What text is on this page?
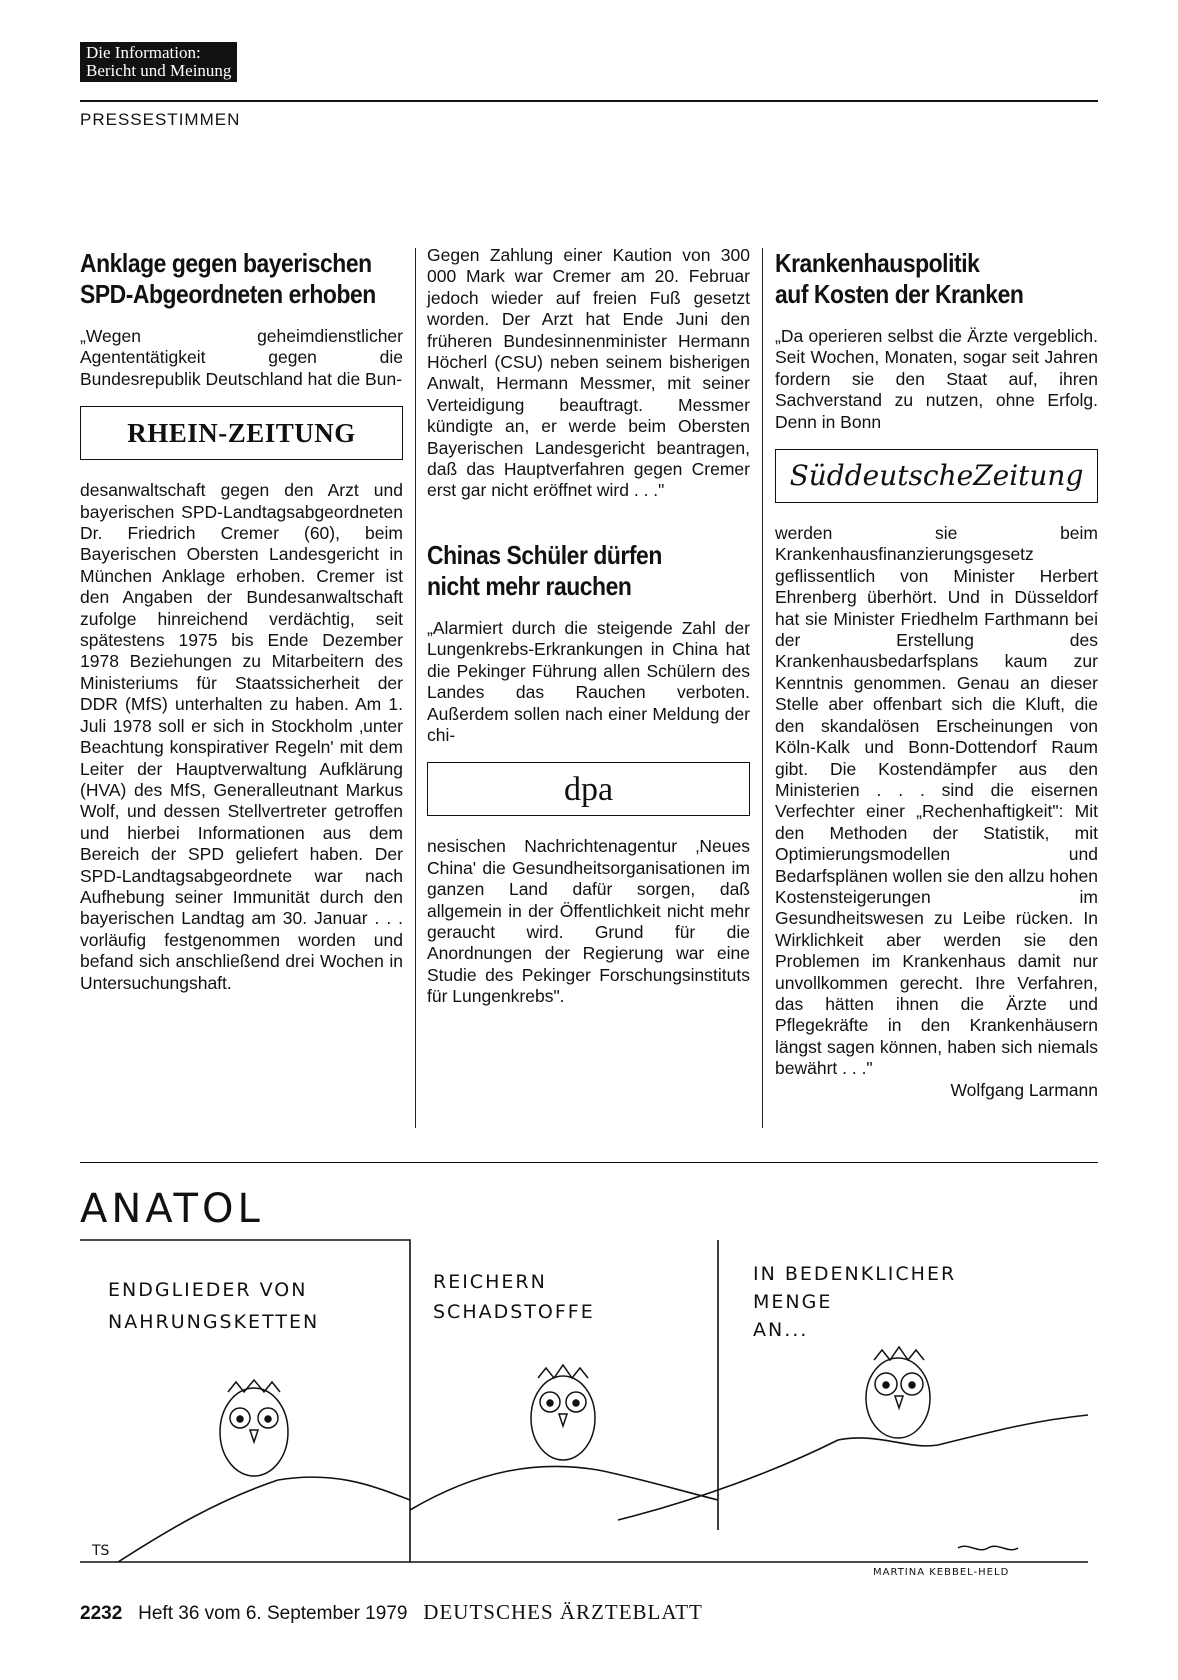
Die Information:
Bericht und Meinung
PRESSESTIMMEN
Anklage gegen bayerischen
SPD-Abgeordneten erhoben

„Wegen geheimdienstlicher Agententätigkeit gegen die Bundesrepublik Deutschland hat die Bun-

RHEIN-ZEITUNG

desanwaltschaft gegen den Arzt und bayerischen SPD-Landtagsabgeordneten Dr. Friedrich Cremer (60), beim Bayerischen Obersten Landesgericht in München Anklage erhoben. Cremer ist den Angaben der Bundesanwaltschaft zufolge hinreichend verdächtig, seit spätestens 1975 bis Ende Dezember 1978 Beziehungen zu Mitarbeitern des Ministeriums für Staatssicherheit der DDR (MfS) unterhalten zu haben. Am 1. Juli 1978 soll er sich in Stockholm ‚unter Beachtung konspirativer Regeln' mit dem Leiter der Hauptverwaltung Aufklärung (HVA) des MfS, Generalleutnant Markus Wolf, und dessen Stellvertreter getroffen und hierbei Informationen aus dem Bereich der SPD geliefert haben. Der SPD-Landtagsabgeordnete war nach Aufhebung seiner Immunität durch den bayerischen Landtag am 30. Januar . . . vorläufig festgenommen worden und befand sich anschließend drei Wochen in Untersuchungshaft.

Gegen Zahlung einer Kaution von 300 000 Mark war Cremer am 20. Februar jedoch wieder auf freien Fuß gesetzt worden. Der Arzt hat Ende Juni den früheren Bundesinnenminister Hermann Höcherl (CSU) neben seinem bisherigen Anwalt, Hermann Messmer, mit seiner Verteidigung beauftragt. Messmer kündigte an, er werde beim Obersten Bayerischen Landesgericht beantragen, daß das Hauptverfahren gegen Cremer erst gar nicht eröffnet wird . . ."

Chinas Schüler dürfen
nicht mehr rauchen

„Alarmiert durch die steigende Zahl der Lungenkrebs-Erkrankungen in China hat die Pekinger Führung allen Schülern des Landes das Rauchen verboten. Außerdem sollen nach einer Meldung der chi-

dpa

nesischen Nachrichtenagentur ‚Neues China' die Gesundheitsorganisationen im ganzen Land dafür sorgen, daß allgemein in der Öffentlichkeit nicht mehr geraucht wird. Grund für die Anordnungen der Regierung war eine Studie des Pekinger Forschungsinstituts für Lungenkrebs".

Krankenhauspolitik
auf Kosten der Kranken

„Da operieren selbst die Ärzte vergeblich. Seit Wochen, Monaten, sogar seit Jahren fordern sie den Staat auf, ihren Sachverstand zu nutzen, ohne Erfolg. Denn in Bonn

SüddeutscheZeitung

werden sie beim Krankenhausfinanzierungsgesetz geflissentlich von Minister Herbert Ehrenberg überhört. Und in Düsseldorf hat sie Minister Friedhelm Farthmann bei der Erstellung des Krankenhausbedarfsplans kaum zur Kenntnis genommen. Genau an dieser Stelle aber offenbart sich die Kluft, die den skandalösen Erscheinungen von Köln-Kalk und Bonn-Dottendorf Raum gibt. Die Kostendämpfer aus den Ministerien . . . sind die eisernen Verfechter einer „Rechenhaftigkeit": Mit den Methoden der Statistik, mit Optimierungsmodellen und Bedarfsplänen wollen sie den allzu hohen Kostensteigerungen im Gesundheitswesen zu Leibe rücken. In Wirklichkeit aber werden sie den Problemen im Krankenhaus damit nur unvollkommen gerecht. Ihre Verfahren, das hätten ihnen die Ärzte und Pflegekräfte in den Krankenhäusern längst sagen können, haben sich niemals bewährt . . ."

Wolfgang Larmann
ANATOL
ENDGLIEDER VON
NAHRUNGSKETTEN
REICHERN
SCHADSTOFFE
IN BEDENKLICHER
MENGE
AN...
TS
MARTINA KEBBEL-HELD
2232 Heft 36 vom 6. September 1979 DEUTSCHES ÄRZTEBLATT
